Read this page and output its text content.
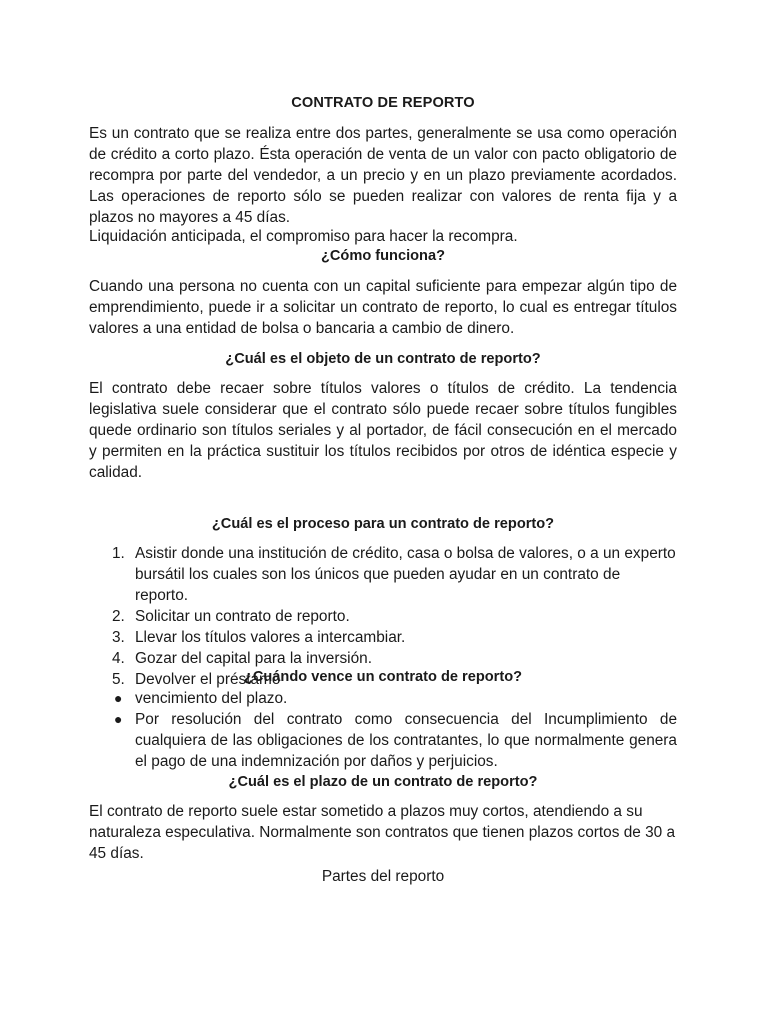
CONTRATO DE REPORTO

Es un contrato que se realiza entre dos partes, generalmente se usa como operación de crédito a corto plazo. Ésta operación de venta de un valor con pacto obligatorio de recompra por parte del vendedor, a un precio y en un plazo previamente acordados. Las operaciones de reporto sólo se pueden realizar con valores de renta fija y a plazos no mayores a 45 días.

Liquidación anticipada, el compromiso para hacer la recompra.

¿Cómo funciona?

Cuando una persona no cuenta con un capital suficiente para empezar algún tipo de emprendimiento, puede ir a solicitar un contrato de reporto, lo cual es entregar títulos valores a una entidad de bolsa o bancaria a cambio de dinero.

¿Cuál es el objeto de un contrato de reporto?

El contrato debe recaer sobre títulos valores o títulos de crédito. La tendencia legislativa suele considerar que el contrato sólo puede recaer sobre títulos fungibles quede ordinario son títulos seriales y al portador, de fácil consecución en el mercado y permiten en la práctica sustituir los títulos recibidos por otros de idéntica especie y calidad.

¿Cuál es el proceso para un contrato de reporto?

1. Asistir donde una institución de crédito, casa o bolsa de valores, o a un experto bursátil los cuales son los únicos que pueden ayudar en un contrato de reporto.
2. Solicitar un contrato de reporto.
3. Llevar los títulos valores a intercambiar.
4. Gozar del capital para la inversión.
5. Devolver el préstamo

¿Cuándo vence un contrato de reporto?

● vencimiento del plazo.
● Por resolución del contrato como consecuencia del Incumplimiento de cualquiera de las obligaciones de los contratantes, lo que normalmente genera el pago de una indemnización por daños y perjuicios.

¿Cuál es el plazo de un contrato de reporto?

El contrato de reporto suele estar sometido a plazos muy cortos, atendiendo a su naturaleza especulativa. Normalmente son contratos que tienen plazos cortos de 30 a 45 días.

Partes del reporto
